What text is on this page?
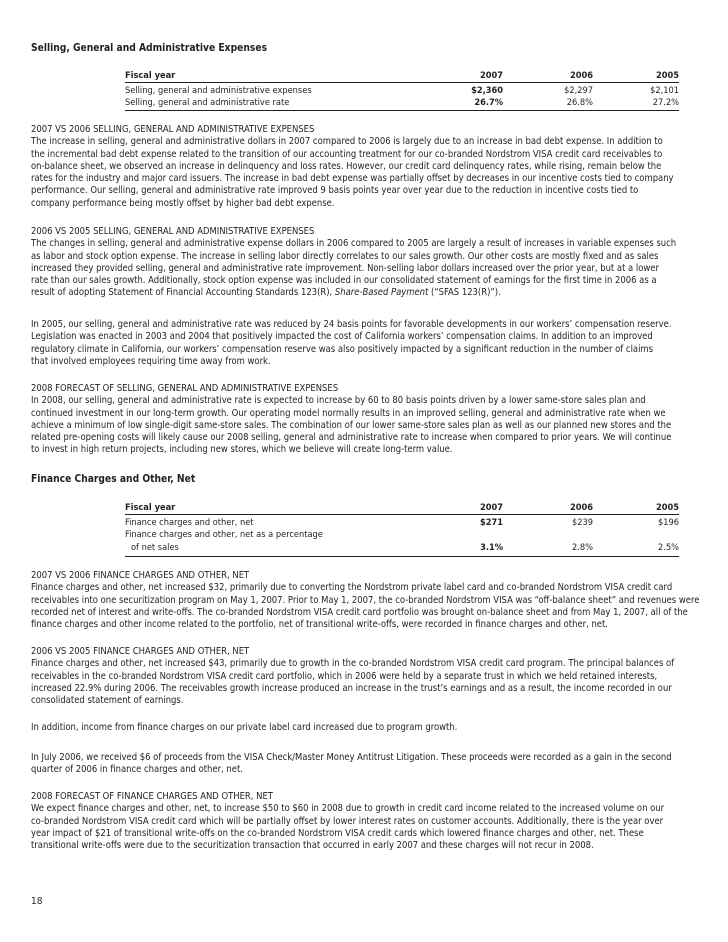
Selling, General and Administrative Expenses
Fiscal year	2007	2006	2005
Selling, general and administrative expenses	$2,360	$2,297	$2,101
Selling, general and administrative rate	26.7%	26.8%	27.2%
2007 VS 2006 SELLING, GENERAL AND ADMINISTRATIVE EXPENSES
The increase in selling, general and administrative dollars in 2007 compared to 2006 is largely due to an increase in bad debt expense. In addition to
the incremental bad debt expense related to the transition of our accounting treatment for our co-branded Nordstrom VISA credit card receivables to
on-balance sheet, we observed an increase in delinquency and loss rates. However, our credit card delinquency rates, while rising, remain below the
rates for the industry and major card issuers. The increase in bad debt expense was partially offset by decreases in our incentive costs tied to company
performance. Our selling, general and administrative rate improved 9 basis points year over year due to the reduction in incentive costs tied to
company performance being mostly offset by higher bad debt expense.
2006 VS 2005 SELLING, GENERAL AND ADMINISTRATIVE EXPENSES
The changes in selling, general and administrative expense dollars in 2006 compared to 2005 are largely a result of increases in variable expenses such
as labor and stock option expense. The increase in selling labor directly correlates to our sales growth. Our other costs are mostly fixed and as sales
increased they provided selling, general and administrative rate improvement. Non-selling labor dollars increased over the prior year, but at a lower
rate than our sales growth. Additionally, stock option expense was included in our consolidated statement of earnings for the first time in 2006 as a
result of adopting Statement of Financial Accounting Standards 123(R), Share-Based Payment (“SFAS 123(R)”).
In 2005, our selling, general and administrative rate was reduced by 24 basis points for favorable developments in our workers’ compensation reserve.
Legislation was enacted in 2003 and 2004 that positively impacted the cost of California workers’ compensation claims. In addition to an improved
regulatory climate in California, our workers’ compensation reserve was also positively impacted by a significant reduction in the number of claims
that involved employees requiring time away from work.
2008 FORECAST OF SELLING, GENERAL AND ADMINISTRATIVE EXPENSES
In 2008, our selling, general and administrative rate is expected to increase by 60 to 80 basis points driven by a lower same-store sales plan and
continued investment in our long-term growth. Our operating model normally results in an improved selling, general and administrative rate when we
achieve a minimum of low single-digit same-store sales. The combination of our lower same-store sales plan as well as our planned new stores and the
related pre-opening costs will likely cause our 2008 selling, general and administrative rate to increase when compared to prior years. We will continue
to invest in high return projects, including new stores, which we believe will create long-term value.
Finance Charges and Other, Net
Fiscal year	2007	2006	2005
Finance charges and other, net	$271	$239	$196
Finance charges and other, net as a percentage
of net sales	3.1%	2.8%	2.5%
2007 VS 2006 FINANCE CHARGES AND OTHER, NET
Finance charges and other, net increased $32, primarily due to converting the Nordstrom private label card and co-branded Nordstrom VISA credit card
receivables into one securitization program on May 1, 2007. Prior to May 1, 2007, the co-branded Nordstrom VISA was “off-balance sheet” and revenues were
recorded net of interest and write-offs. The co-branded Nordstrom VISA credit card portfolio was brought on-balance sheet and from May 1, 2007, all of the
finance charges and other income related to the portfolio, net of transitional write-offs, were recorded in finance charges and other, net.
2006 VS 2005 FINANCE CHARGES AND OTHER, NET
Finance charges and other, net increased $43, primarily due to growth in the co-branded Nordstrom VISA credit card program. The principal balances of
receivables in the co-branded Nordstrom VISA credit card portfolio, which in 2006 were held by a separate trust in which we held retained interests,
increased 22.9% during 2006. The receivables growth increase produced an increase in the trust’s earnings and as a result, the income recorded in our
consolidated statement of earnings.
In addition, income from finance charges on our private label card increased due to program growth.
In July 2006, we received $6 of proceeds from the VISA Check/Master Money Antitrust Litigation. These proceeds were recorded as a gain in the second
quarter of 2006 in finance charges and other, net.
2008 FORECAST OF FINANCE CHARGES AND OTHER, NET
We expect finance charges and other, net, to increase $50 to $60 in 2008 due to growth in credit card income related to the increased volume on our
co-branded Nordstrom VISA credit card which will be partially offset by lower interest rates on customer accounts. Additionally, there is the year over
year impact of $21 of transitional write-offs on the co-branded Nordstrom VISA credit cards which lowered finance charges and other, net. These
transitional write-offs were due to the securitization transaction that occurred in early 2007 and these charges will not recur in 2008.
18
